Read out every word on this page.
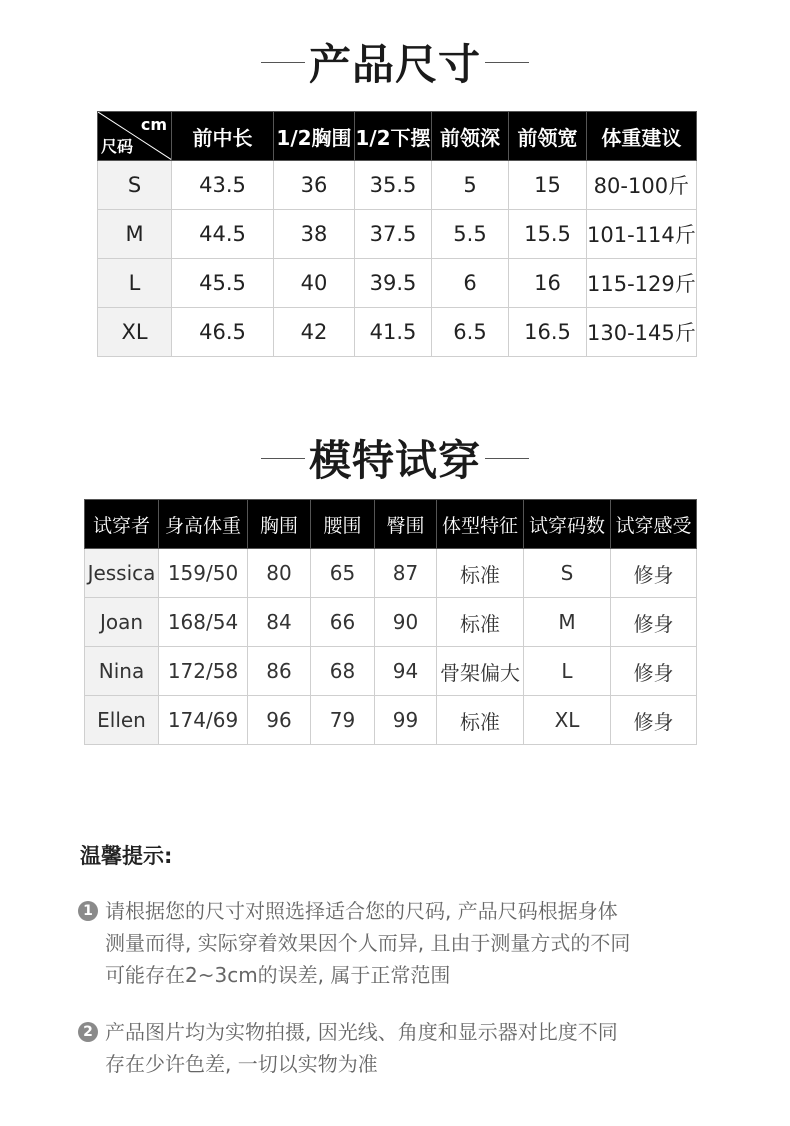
产品尺寸
cm
尺码	前中长	1/2胸围	1/2下摆	前领深	前领宽	体重建议
S	43.5	36	35.5	5	15	80-100斤
M	44.5	38	37.5	5.5	15.5	101-114斤
L	45.5	40	39.5	6	16	115-129斤
XL	46.5	42	41.5	6.5	16.5	130-145斤
模特试穿
试穿者	身高体重	胸围	腰围	臀围	体型特征	试穿码数	试穿感受
Jessica	159/50	80	65	87	标准	S	修身
Joan	168/54	84	66	90	标准	M	修身
Nina	172/58	86	68	94	骨架偏大	L	修身
Ellen	174/69	96	79	99	标准	XL	修身
温馨提示:
1 请根据您的尺寸对照选择适合您的尺码, 产品尺码根据身体
测量而得, 实际穿着效果因个人而异, 且由于测量方式的不同
可能存在2~3cm的误差, 属于正常范围
2 产品图片均为实物拍摄, 因光线、角度和显示器对比度不同
存在少许色差, 一切以实物为准
